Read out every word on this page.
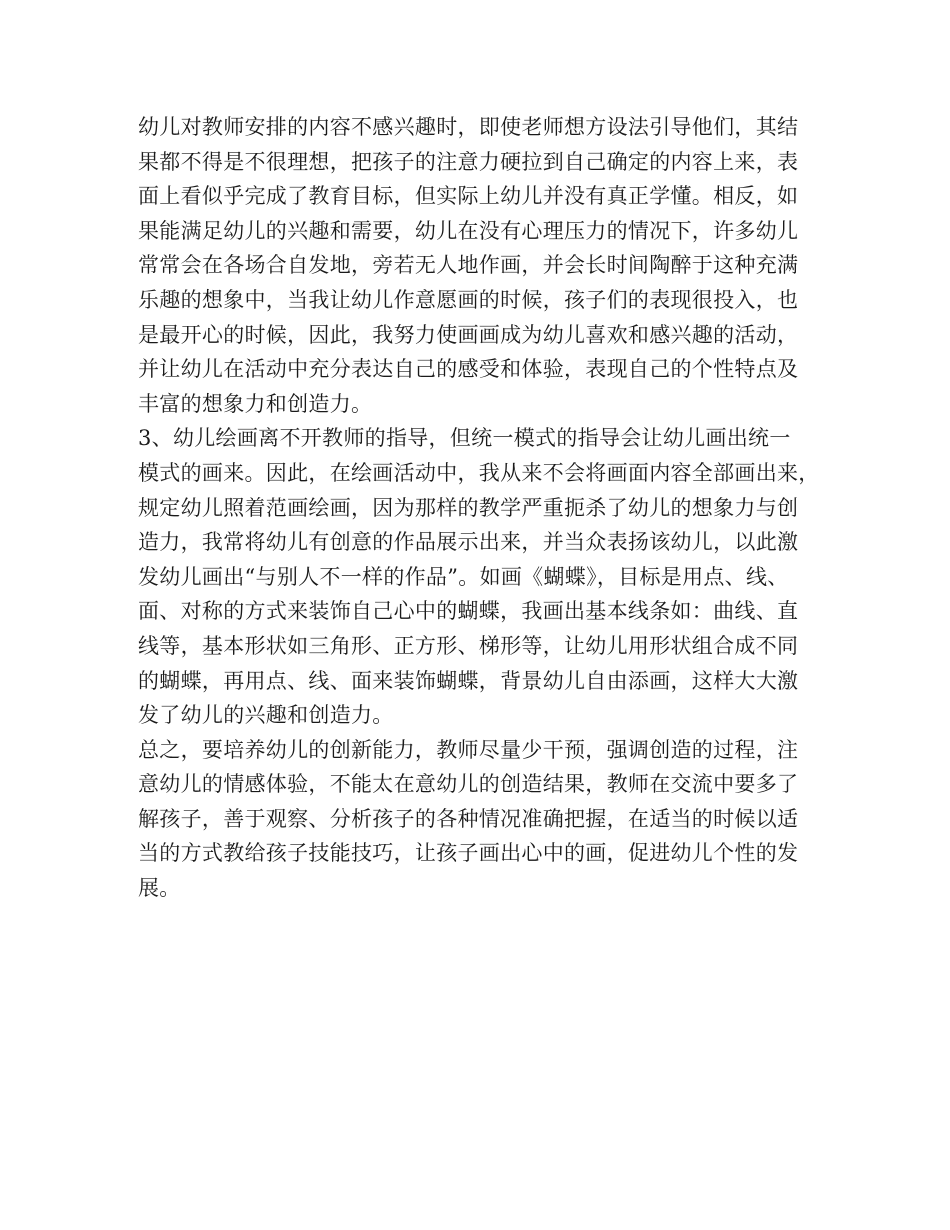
幼儿对教师安排的内容不感兴趣时，即使老师想方设法引导他们，其结
果都不得是不很理想，把孩子的注意力硬拉到自己确定的内容上来，表
面上看似乎完成了教育目标，但实际上幼儿并没有真正学懂。相反，如
果能满足幼儿的兴趣和需要，幼儿在没有心理压力的情况下，许多幼儿
常常会在各场合自发地，旁若无人地作画，并会长时间陶醉于这种充满
乐趣的想象中，当我让幼儿作意愿画的时候，孩子们的表现很投入，也
是最开心的时候，因此，我努力使画画成为幼儿喜欢和感兴趣的活动，
并让幼儿在活动中充分表达自己的感受和体验，表现自己的个性特点及
丰富的想象力和创造力。

3、幼儿绘画离不开教师的指导，但统一模式的指导会让幼儿画出统一
模式的画来。因此，在绘画活动中，我从来不会将画面内容全部画出来，
规定幼儿照着范画绘画，因为那样的教学严重扼杀了幼儿的想象力与创
造力，我常将幼儿有创意的作品展示出来，并当众表扬该幼儿，以此激
发幼儿画出“与别人不一样的作品”。如画《蝴蝶》，目标是用点、线、
面、对称的方式来装饰自己心中的蝴蝶，我画出基本线条如：曲线、直
线等，基本形状如三角形、正方形、梯形等，让幼儿用形状组合成不同
的蝴蝶，再用点、线、面来装饰蝴蝶，背景幼儿自由添画，这样大大激
发了幼儿的兴趣和创造力。

总之，要培养幼儿的创新能力，教师尽量少干预，强调创造的过程，注
意幼儿的情感体验，不能太在意幼儿的创造结果，教师在交流中要多了
解孩子，善于观察、分析孩子的各种情况准确把握，在适当的时候以适
当的方式教给孩子技能技巧，让孩子画出心中的画，促进幼儿个性的发
展。
